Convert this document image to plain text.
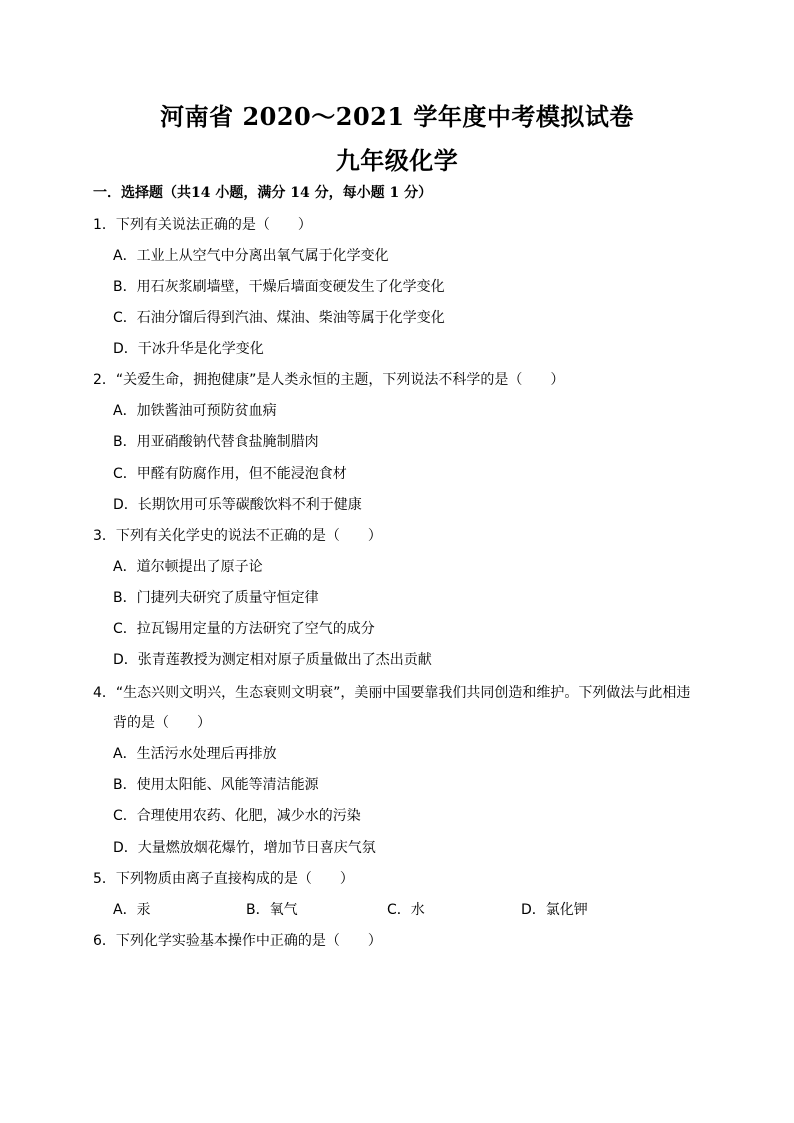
河南省 2020～2021 学年度中考模拟试卷
九年级化学
一．选择题（共14 小题，满分 14 分，每小题 1 分）
1．下列有关说法正确的是（　　）
A．工业上从空气中分离出氧气属于化学变化
B．用石灰浆刷墙壁，干燥后墙面变硬发生了化学变化
C．石油分馏后得到汽油、煤油、柴油等属于化学变化
D．干冰升华是化学变化
2．“关爱生命，拥抱健康”是人类永恒的主题，下列说法不科学的是（　　）
A．加铁酱油可预防贫血病
B．用亚硝酸钠代替食盐腌制腊肉
C．甲醛有防腐作用，但不能浸泡食材
D．长期饮用可乐等碳酸饮料不利于健康
3．下列有关化学史的说法不正确的是（　　）
A．道尔顿提出了原子论
B．门捷列夫研究了质量守恒定律
C．拉瓦锡用定量的方法研究了空气的成分
D．张青莲教授为测定相对原子质量做出了杰出贡献
4．“生态兴则文明兴，生态衰则文明衰”，美丽中国要靠我们共同创造和维护。下列做法与此相违
背的是（　　）
A．生活污水处理后再排放
B．使用太阳能、风能等清洁能源
C．合理使用农药、化肥，减少水的污染
D．大量燃放烟花爆竹，增加节日喜庆气氛
5．下列物质由离子直接构成的是（　　）
A．汞	B．氧气	C．水	D．氯化钾
6．下列化学实验基本操作中正确的是（　　）
